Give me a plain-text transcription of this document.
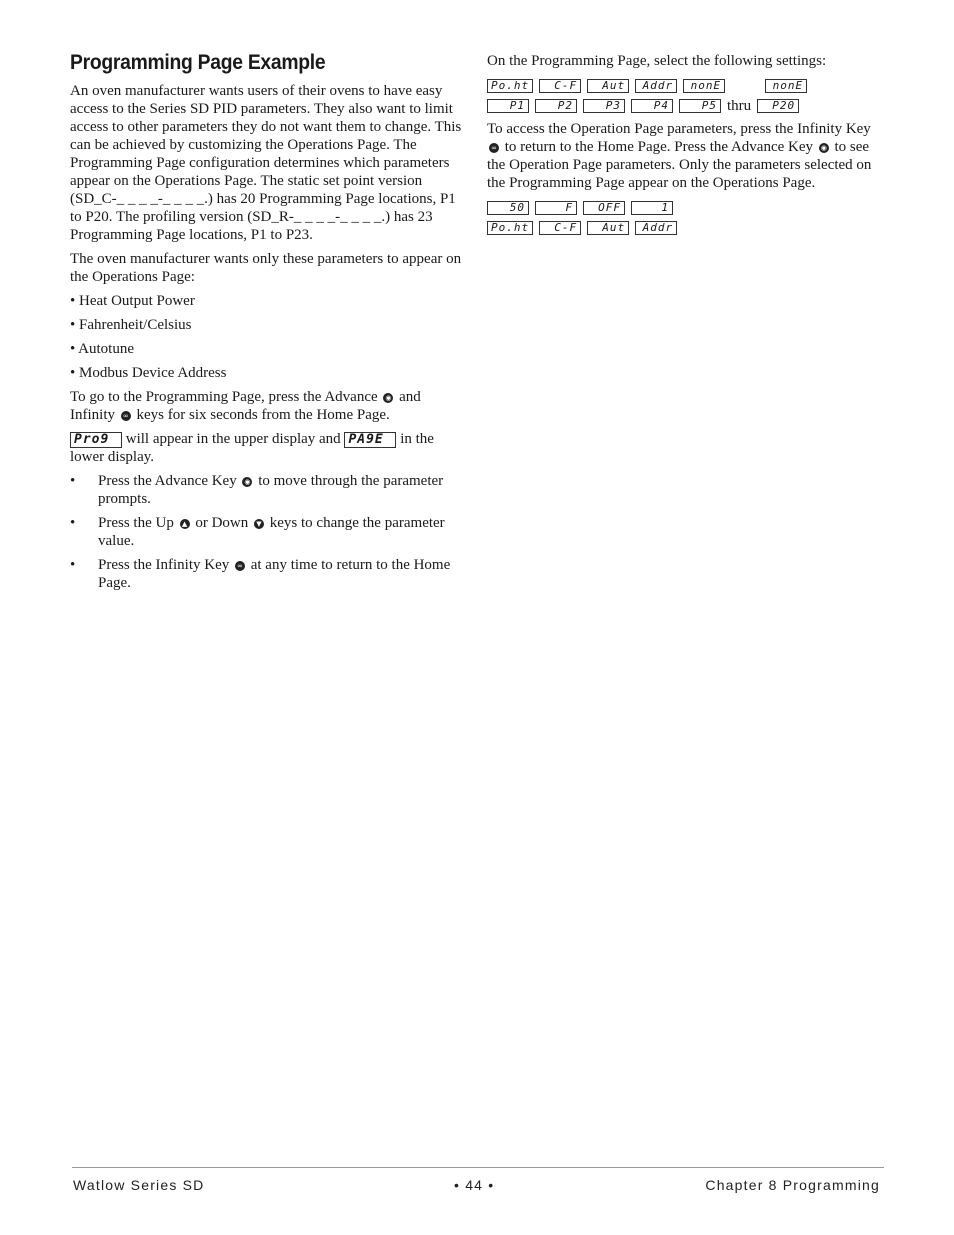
Programming Page Example

An oven manufacturer wants users of their ovens to have easy access to the Series SD PID parameters. They also want to limit access to other parameters they do not want them to change. This can be achieved by customizing the Operations Page. The Programming Page configuration determines which parameters appear on the Operations Page. The static set point version (SD_C-_ _ _ _-_ _ _ _.) has 20 Programming Page locations, P1 to P20. The profiling version (SD_R-_ _ _ _-_ _ _ _.) has 23 Programming Page locations, P1 to P23.

The oven manufacturer wants only these parameters to appear on the Operations Page:

• Heat Output Power
• Fahrenheit/Celsius
• Autotune
• Modbus Device Address

To go to the Programming Page, press the Advance ◉ and Infinity ∞ keys for six seconds from the Home Page.

Pro9 will appear in the upper display and PA9E in the lower display.

•	Press the Advance Key ◉ to move through the parameter prompts.
•	Press the Up ▲ or Down ▼ keys to change the parameter value.
•	Press the Infinity Key ∞ at any time to return to the Home Page.

On the Programming Page, select the following settings:

Po.ht	C-F	Aut	Addr	nonE	nonE
P1	P2	P3	P4	P5 thru	P20

To access the Operation Page parameters, press the Infinity Key ∞ to return to the Home Page. Press the Advance Key ◉ to see the Operation Page parameters. Only the parameters selected on the Programming Page appear on the Operations Page.

50	F	OFF	1
Po.ht	C-F	Aut	Addr
Watlow Series SD	• 44 •	Chapter 8 Programming
